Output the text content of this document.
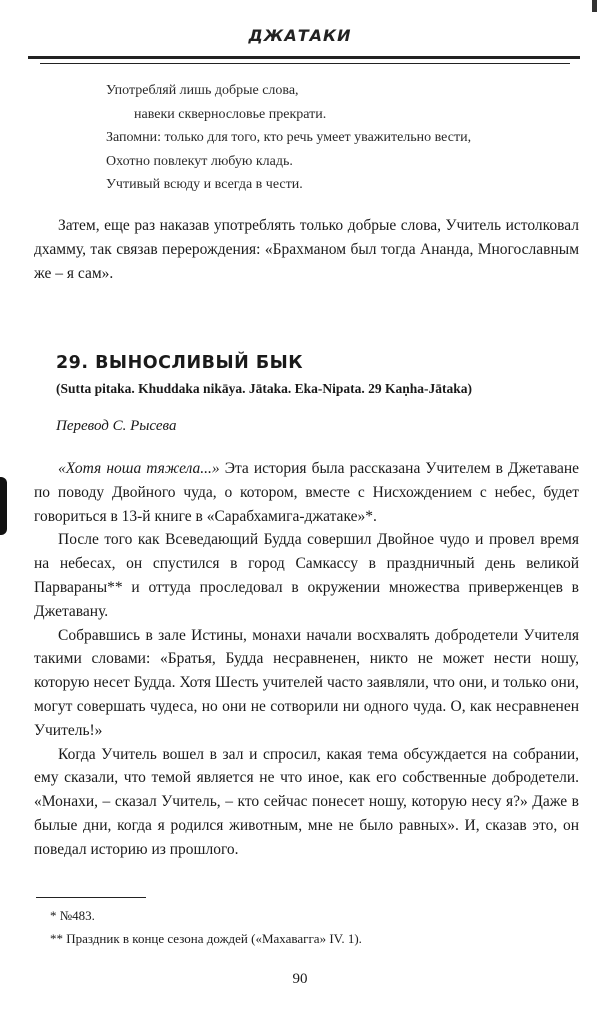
ДЖАТАКИ
Употребляй лишь добрые слова,
навеки сквернословье прекрати.
Запомни: только для того, кто речь умеет уважительно вести,
Охотно повлекут любую кладь.
Учтивый всюду и всегда в чести.

Затем, еще раз наказав употреблять только добрые слова, Учитель истолковал дхамму, так связав перерождения: «Брахманом был тогда Ананда, Многославным же – я сам».

29. ВЫНОСЛИВЫЙ БЫК
(Sutta pitaka. Khuddaka nikāya. Jātaka. Eka-Nipata. 29 Kaṇha-Jātaka)
Перевод С. Рысева

«Хотя ноша тяжела...» Эта история была рассказана Учителем в Джетаване по поводу Двойного чуда, о котором, вместе с Нисхождением с небес, будет говориться в 13-й книге в «Сарабхамига-джатаке»*.

После того как Всеведающий Будда совершил Двойное чудо и провел время на небесах, он спустился в город Самкассу в праздничный день великой Парвараны** и оттуда проследовал в окружении множества приверженцев в Джетавану.

Собравшись в зале Истины, монахи начали восхвалять добродетели Учителя такими словами: «Братья, Будда несравненен, никто не может нести ношу, которую несет Будда. Хотя Шесть учителей часто заявляли, что они, и только они, могут совершать чудеса, но они не сотворили ни одного чуда. О, как несравненен Учитель!»

Когда Учитель вошел в зал и спросил, какая тема обсуждается на собрании, ему сказали, что темой является не что иное, как его собственные добродетели. «Монахи, – сказал Учитель, – кто сейчас понесет ношу, которую несу я?» Даже в былые дни, когда я родился животным, мне не было равных». И, сказав это, он поведал историю из прошлого.

* №483.
** Праздник в конце сезона дождей («Махавагга» IV. 1).
90
